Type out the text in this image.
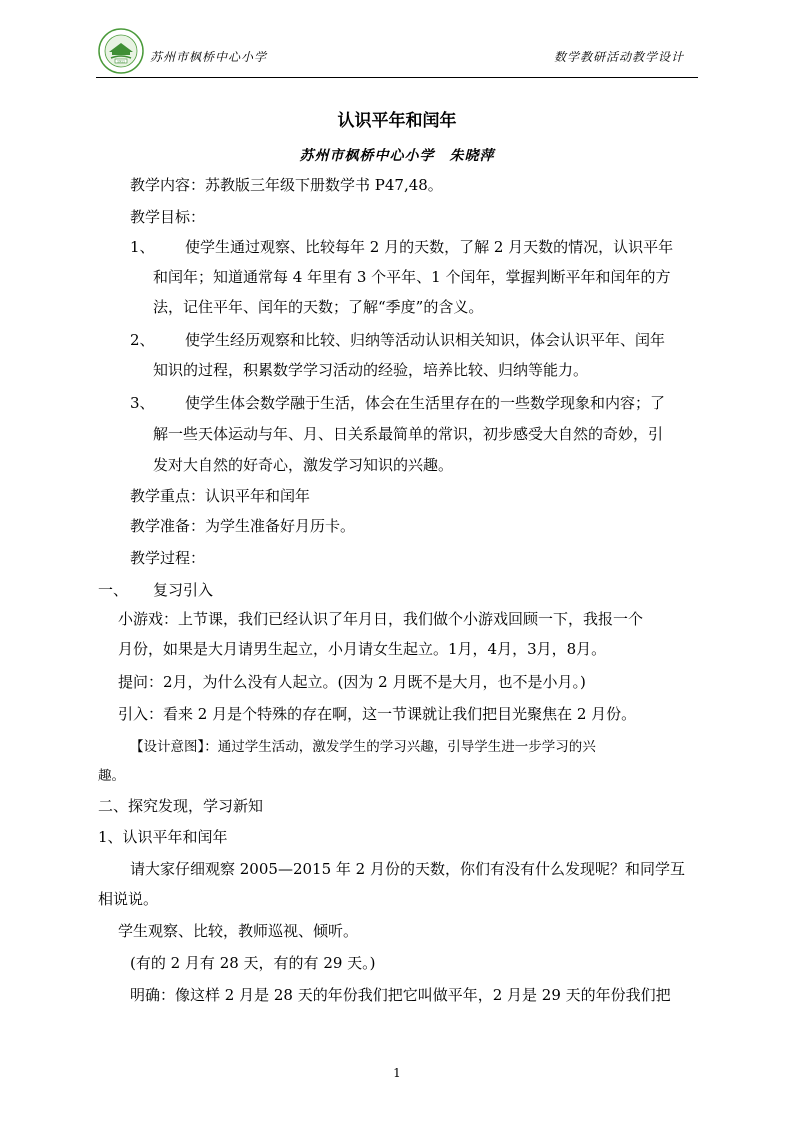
1911 苏州市枫桥中心小学	数学教研活动教学设计
认识平年和闰年
苏州市枫桥中心小学　朱晓萍
教学内容：苏教版三年级下册数学书 P47,48。
教学目标：
1、 使学生通过观察、比较每年 2 月的天数，了解 2 月天数的情况，认识平年
和闰年；知道通常每 4 年里有 3 个平年、1 个闰年，掌握判断平年和闰年的方
法，记住平年、闰年的天数；了解“季度”的含义。
2、 使学生经历观察和比较、归纳等活动认识相关知识，体会认识平年、闰年
知识的过程，积累数学学习活动的经验，培养比较、归纳等能力。
3、 使学生体会数学融于生活，体会在生活里存在的一些数学现象和内容；了
解一些天体运动与年、月、日关系最简单的常识，初步感受大自然的奇妙，引
发对大自然的好奇心，激发学习知识的兴趣。
教学重点：认识平年和闰年
教学准备：为学生准备好月历卡。
教学过程：
一、 复习引入
小游戏：上节课，我们已经认识了年月日，我们做个小游戏回顾一下，我报一个
月份，如果是大月请男生起立，小月请女生起立。1月，4月，3月，8月。
提问：2月，为什么没有人起立。(因为 2 月既不是大月，也不是小月。)
引入：看来 2 月是个特殊的存在啊，这一节课就让我们把目光聚焦在 2 月份。
【设计意图】：通过学生活动，激发学生的学习兴趣，引导学生进一步学习的兴
趣。
二、探究发现，学习新知
1、认识平年和闰年
请大家仔细观察 2005—2015 年 2 月份的天数，你们有没有什么发现呢？和同学互
相说说。
学生观察、比较，教师巡视、倾听。
(有的 2 月有 28 天，有的有 29 天。)
明确：像这样 2 月是 28 天的年份我们把它叫做平年，2 月是 29 天的年份我们把
1
